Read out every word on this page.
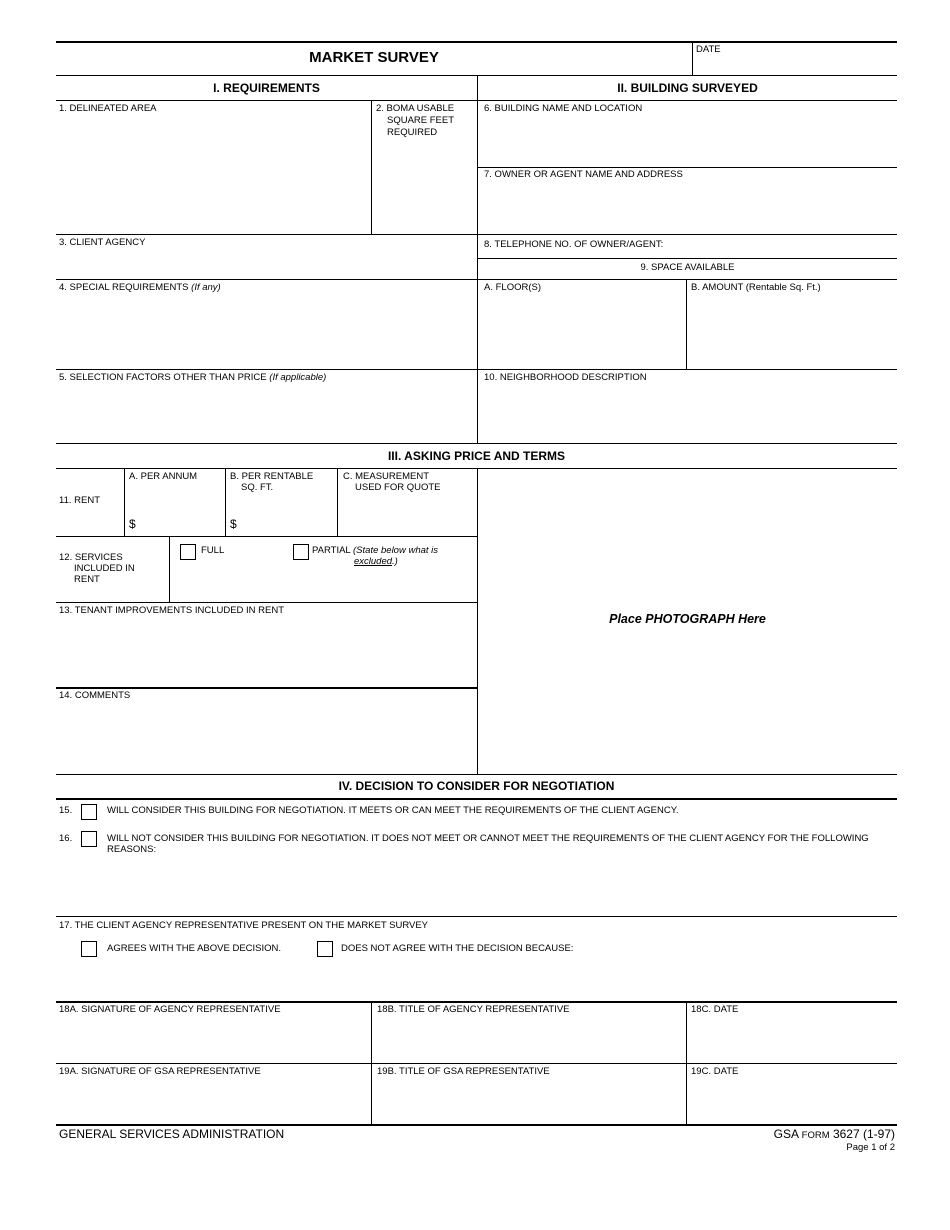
MARKET SURVEY	DATE
I. REQUIREMENTS	II. BUILDING SURVEYED
1. DELINEATED AREA	2. BOMA USABLE
SQUARE FEET
REQUIRED
3. CLIENT AGENCY
4. SPECIAL REQUIREMENTS (If any)
5. SELECTION FACTORS OTHER THAN PRICE (If applicable)
6. BUILDING NAME AND LOCATION
7. OWNER OR AGENT NAME AND ADDRESS
8. TELEPHONE NO. OF OWNER/AGENT:
9. SPACE AVAILABLE
A. FLOOR(S)	B. AMOUNT (Rentable Sq. Ft.)
10. NEIGHBORHOOD DESCRIPTION
III. ASKING PRICE AND TERMS
11. RENT
A. PER ANNUM
$
B. PER RENTABLE
SQ. FT.
$
C. MEASUREMENT
USED FOR QUOTE
12. SERVICES
INCLUDED IN
RENT
FULL	PARTIAL (State below what is
excluded.)
13. TENANT IMPROVEMENTS INCLUDED IN RENT
14. COMMENTS
Place PHOTOGRAPH Here
IV. DECISION TO CONSIDER FOR NEGOTIATION
15.	WILL CONSIDER THIS BUILDING FOR NEGOTIATION. IT MEETS OR CAN MEET THE REQUIREMENTS OF THE CLIENT AGENCY.
16.	WILL NOT CONSIDER THIS BUILDING FOR NEGOTIATION. IT DOES NOT MEET OR CANNOT MEET THE REQUIREMENTS OF THE CLIENT AGENCY FOR THE FOLLOWING
REASONS:
17. THE CLIENT AGENCY REPRESENTATIVE PRESENT ON THE MARKET SURVEY
AGREES WITH THE ABOVE DECISION.	DOES NOT AGREE WITH THE DECISION BECAUSE:
18A. SIGNATURE OF AGENCY REPRESENTATIVE	18B. TITLE OF AGENCY REPRESENTATIVE	18C. DATE
19A. SIGNATURE OF GSA REPRESENTATIVE	19B. TITLE OF GSA REPRESENTATIVE	19C. DATE
GENERAL SERVICES ADMINISTRATION	GSA FORM 3627 (1-97)
Page 1 of 2
